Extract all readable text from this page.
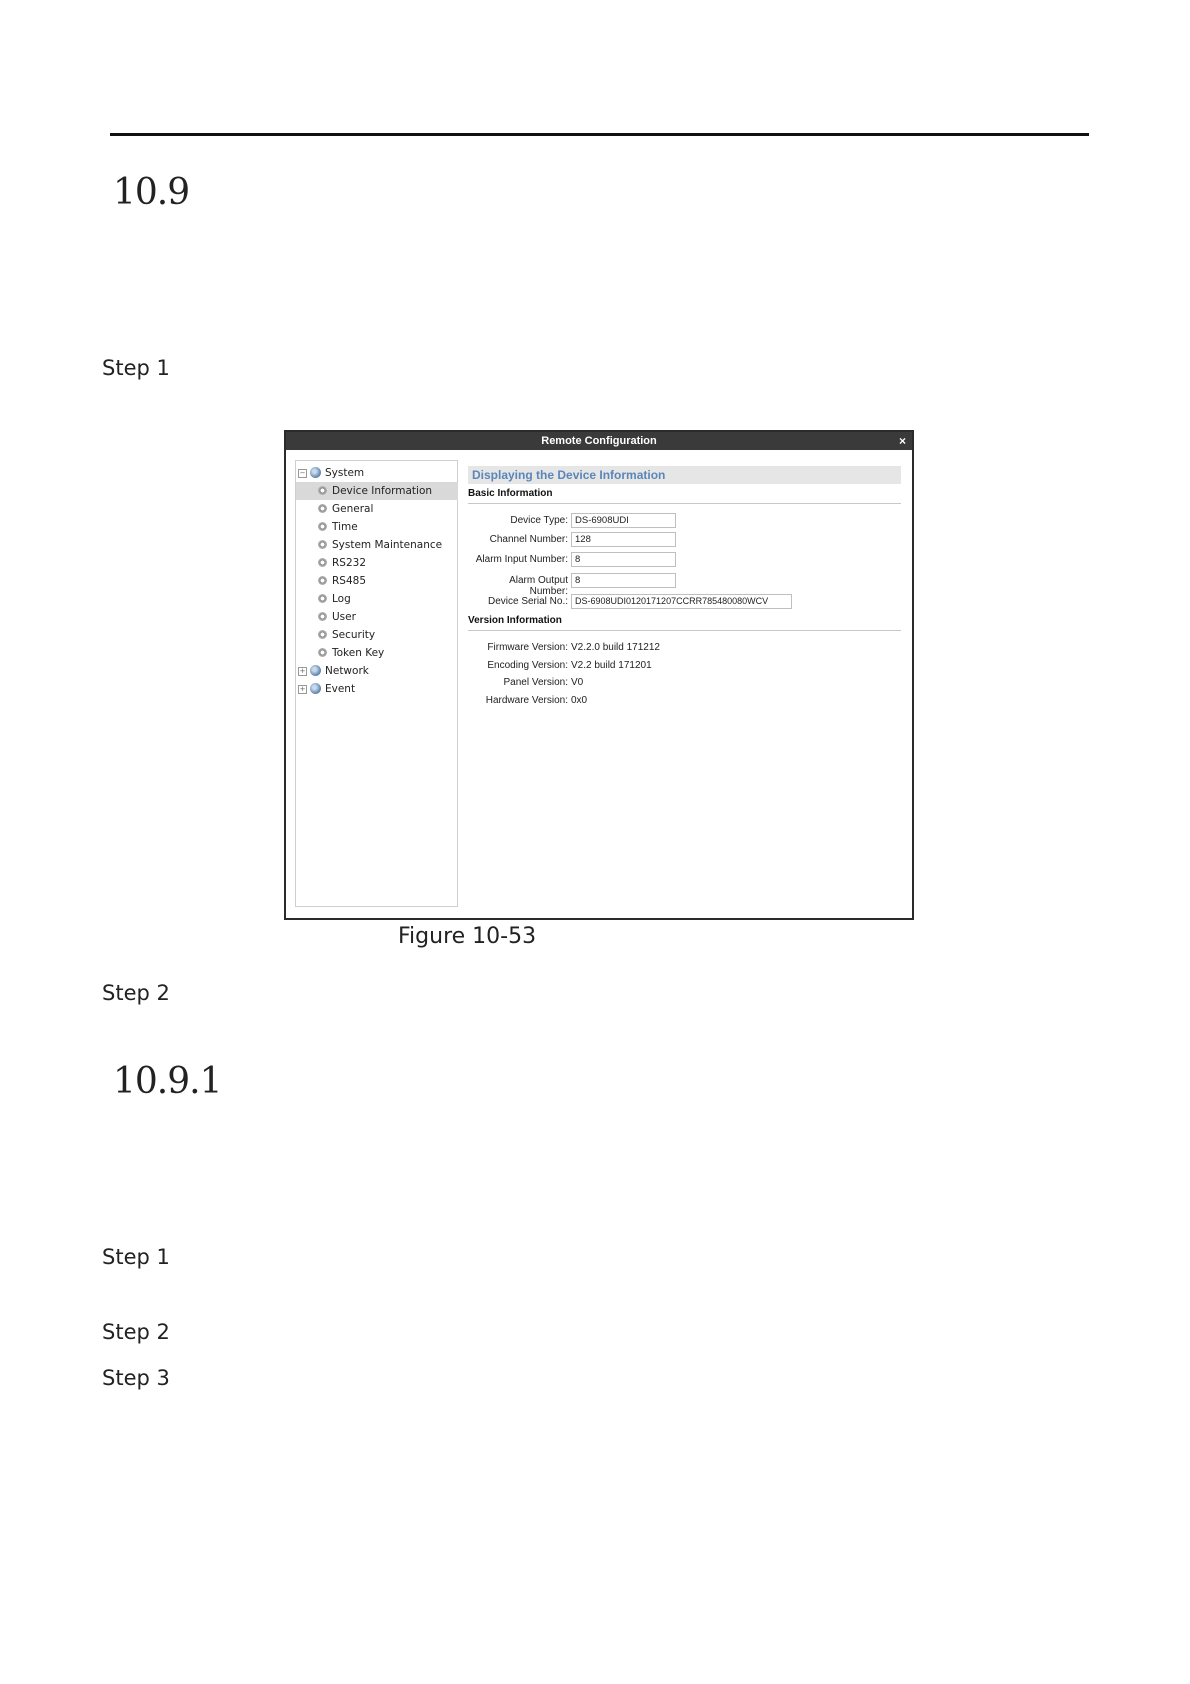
10.9
Step 1
Remote Configuration	×
− System
Device Information
General
Time
System Maintenance
RS232
RS485
Log
User
Security
Token Key
+ Network
+ Event
Displaying the Device Information
Basic Information
Device Type: DS-6908UDI
Channel Number: 128
Alarm Input Number: 8
Alarm Output Number:
8
Device Serial No.: DS-6908UDI0120171207CCRR785480080WCV
Version Information
Firmware Version: V2.2.0 build 171212
Encoding Version: V2.2 build 171201
Panel Version: V0
Hardware Version: 0x0
Figure 10-53
Step 2
10.9.1
Step 1
Step 2
Step 3
